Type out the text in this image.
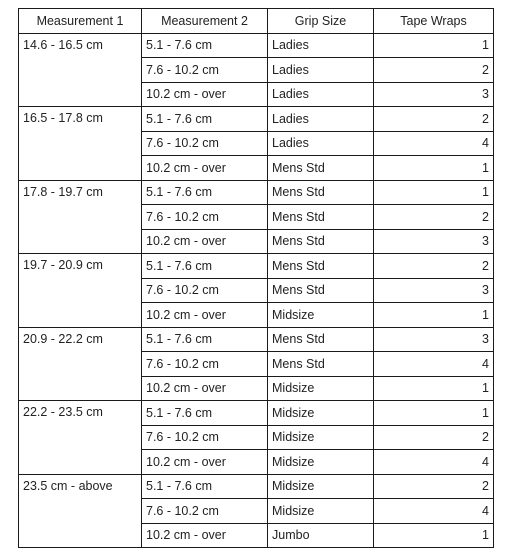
Measurement 1	Measurement 2	Grip Size	Tape Wraps
14.6 - 16.5 cm	5.1 - 7.6 cm	Ladies	1
	7.6 - 10.2 cm	Ladies	2
	10.2 cm - over	Ladies	3
16.5 - 17.8 cm	5.1 - 7.6 cm	Ladies	2
	7.6 - 10.2 cm	Ladies	4
	10.2 cm - over	Mens Std	1
17.8 - 19.7 cm	5.1 - 7.6 cm	Mens Std	1
	7.6 - 10.2 cm	Mens Std	2
	10.2 cm - over	Mens Std	3
19.7 - 20.9 cm	5.1 - 7.6 cm	Mens Std	2
	7.6 - 10.2 cm	Mens Std	3
	10.2 cm - over	Midsize	1
20.9 - 22.2 cm	5.1 - 7.6 cm	Mens Std	3
	7.6 - 10.2 cm	Mens Std	4
	10.2 cm - over	Midsize	1
22.2 - 23.5 cm	5.1 - 7.6 cm	Midsize	1
	7.6 - 10.2 cm	Midsize	2
	10.2 cm - over	Midsize	4
23.5 cm - above	5.1 - 7.6 cm	Midsize	2
	7.6 - 10.2 cm	Midsize	4
	10.2 cm - over	Jumbo	1
